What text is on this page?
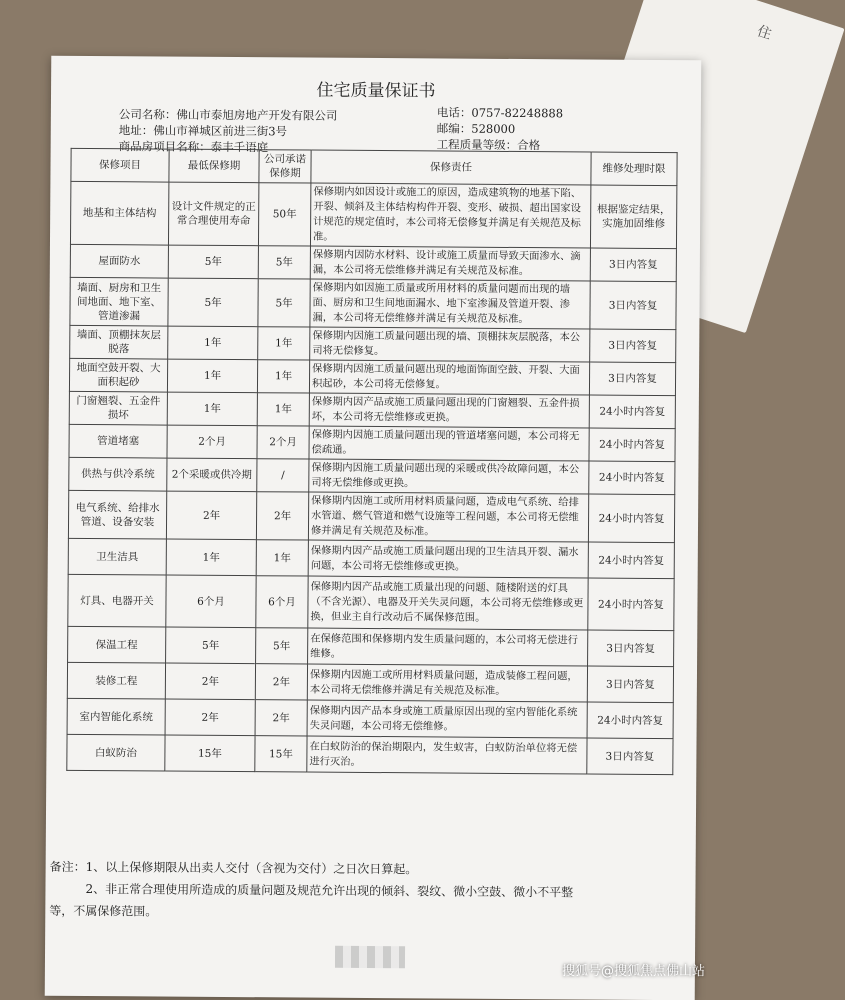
住
住宅质量保证书
公司名称：佛山市泰旭房地产开发有限公司
地址：佛山市禅城区前进三街3号
商品房项目名称：泰丰千语庭
电话：0757-82248888
邮编：528000
工程质量等级：合格
保修项目	最低保修期	公司承诺保修期	保修责任	维修处理时限
地基和主体结构	设计文件规定的正常合理使用寿命	50年	保修期内如因设计或施工的原因，造成建筑物的地基下陷、开裂、倾斜及主体结构构件开裂、变形、破损、超出国家设计规范的规定值时，本公司将无偿修复并满足有关规范及标准。	根据鉴定结果，实施加固维修
屋面防水	5年	5年	保修期内因防水材料、设计或施工质量而导致天面渗水、滴漏，本公司将无偿维修并满足有关规范及标准。	3日内答复
墙面、厨房和卫生间地面、地下室、管道渗漏	5年	5年	保修期内如因施工质量或所用材料的质量问题而出现的墙面、厨房和卫生间地面漏水、地下室渗漏及管道开裂、渗漏，本公司将无偿维修并满足有关规范及标准。	3日内答复
墙面、顶棚抹灰层脱落	1年	1年	保修期内因施工质量问题出现的墙、顶棚抹灰层脱落，本公司将无偿修复。	3日内答复
地面空鼓开裂、大面积起砂	1年	1年	保修期内因施工质量问题出现的地面饰面空鼓、开裂、大面积起砂，本公司将无偿修复。	3日内答复
门窗翘裂、五金件损坏	1年	1年	保修期内因产品或施工质量问题出现的门窗翘裂、五金件损坏，本公司将无偿维修或更换。	24小时内答复
管道堵塞	2个月	2个月	保修期内因施工质量问题出现的管道堵塞问题，本公司将无偿疏通。	24小时内答复
供热与供冷系统	2个采暖或供冷期	/	保修期内因施工质量问题出现的采暖或供冷故障问题，本公司将无偿维修或更换。	24小时内答复
电气系统、给排水管道、设备安装	2年	2年	保修期内因施工或所用材料质量问题，造成电气系统、给排水管道、燃气管道和燃气设施等工程问题，本公司将无偿维修并满足有关规范及标准。	24小时内答复
卫生洁具	1年	1年	保修期内因产品或施工质量问题出现的卫生洁具开裂、漏水问题，本公司将无偿维修或更换。	24小时内答复
灯具、电器开关	6个月	6个月	保修期内因产品或施工质量出现的问题、随楼附送的灯具（不含光源）、电器及开关失灵问题，本公司将无偿维修或更换，但业主自行改动后不属保修范围。	24小时内答复
保温工程	5年	5年	在保修范围和保修期内发生质量问题的，本公司将无偿进行维修。	3日内答复
装修工程	2年	2年	保修期内因施工或所用材料质量问题，造成装修工程问题，本公司将无偿维修并满足有关规范及标准。	3日内答复
室内智能化系统	2年	2年	保修期内因产品本身或施工质量原因出现的室内智能化系统失灵问题，本公司将无偿维修。	24小时内答复
白蚁防治	15年	15年	在白蚁防治的保治期限内，发生蚁害，白蚁防治单位将无偿进行灭治。	3日内答复
备注：1、以上保修期限从出卖人交付（含视为交付）之日次日算起。
2、非正常合理使用所造成的质量问题及规范允许出现的倾斜、裂纹、微小空鼓、微小不平整
等，不属保修范围。
搜狐号@搜狐焦点佛山站
